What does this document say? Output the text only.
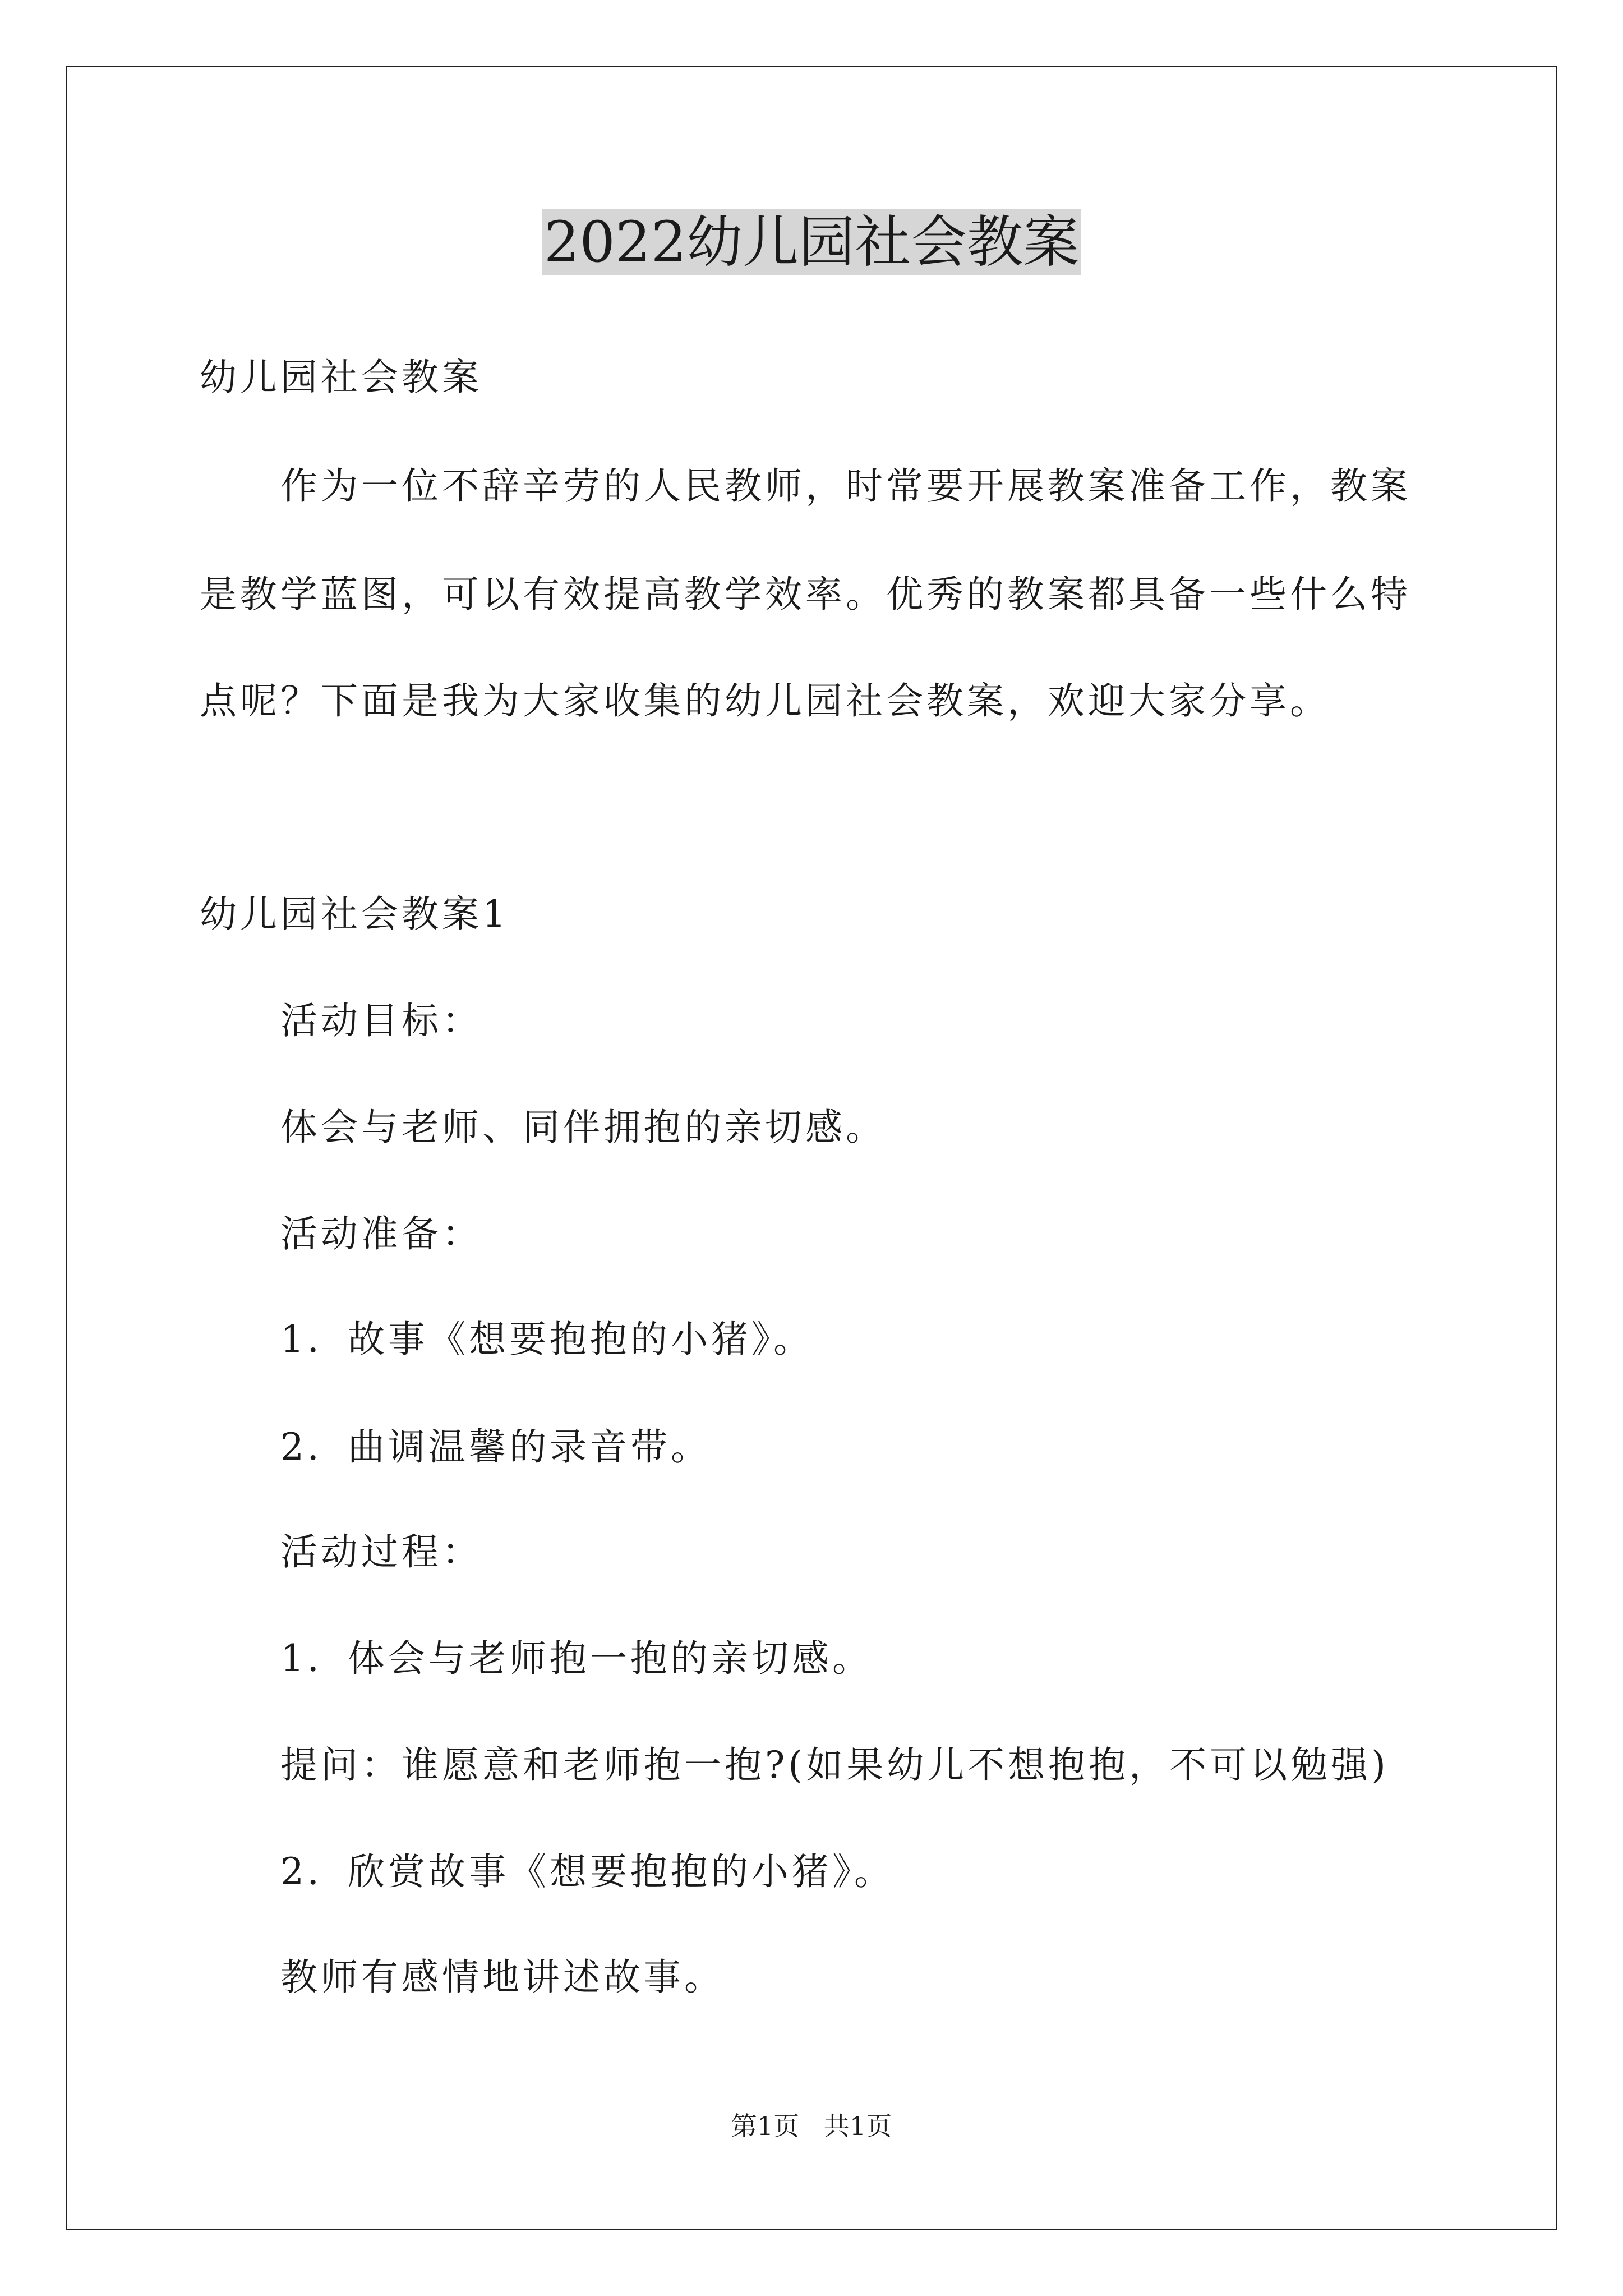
2022幼儿园社会教案
幼儿园社会教案
作为一位不辞辛劳的人民教师，时常要开展教案准备工作，教案
是教学蓝图，可以有效提高教学效率。优秀的教案都具备一些什么特
点呢？下面是我为大家收集的幼儿园社会教案，欢迎大家分享。
幼儿园社会教案1
活动目标：
体会与老师、同伴拥抱的亲切感。
活动准备：
1．故事《想要抱抱的小猪》。
2．曲调温馨的录音带。
活动过程：
1．体会与老师抱一抱的亲切感。
提问：谁愿意和老师抱一抱?(如果幼儿不想抱抱，不可以勉强)
2．欣赏故事《想要抱抱的小猪》。
教师有感情地讲述故事。
第1页   共1页
